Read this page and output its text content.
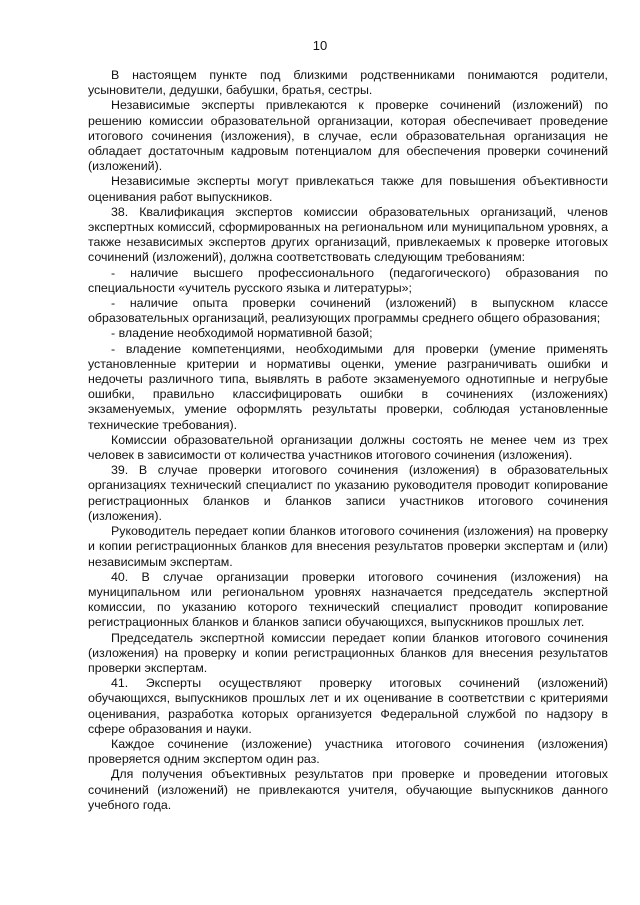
10

В настоящем пункте под близкими родственниками понимаются родители, усыновители, дедушки, бабушки, братья, сестры.

Независимые эксперты привлекаются к проверке сочинений (изложений) по решению комиссии образовательной организации, которая обеспечивает проведение итогового сочинения (изложения), в случае, если образовательная организация не обладает достаточным кадровым потенциалом для обеспечения проверки сочинений (изложений).

Независимые эксперты могут привлекаться также для повышения объективности оценивания работ выпускников.

38. Квалификация экспертов комиссии образовательных организаций, членов экспертных комиссий, сформированных на региональном или муниципальном уровнях, а также независимых экспертов других организаций, привлекаемых к проверке итоговых сочинений (изложений), должна соответствовать следующим требованиям:

- наличие высшего профессионального (педагогического) образования по специальности «учитель русского языка и литературы»;

- наличие опыта проверки сочинений (изложений) в выпускном классе образовательных организаций, реализующих программы среднего общего образования;

- владение необходимой нормативной базой;

- владение компетенциями, необходимыми для проверки (умение применять установленные критерии и нормативы оценки, умение разграничивать ошибки и недочеты различного типа, выявлять в работе экзаменуемого однотипные и негрубые ошибки, правильно классифицировать ошибки в сочинениях (изложениях) экзаменуемых, умение оформлять результаты проверки, соблюдая установленные технические требования).

Комиссии образовательной организации должны состоять не менее чем из трех человек в зависимости от количества участников итогового сочинения (изложения).

39. В случае проверки итогового сочинения (изложения) в образовательных организациях технический специалист по указанию руководителя проводит копирование регистрационных бланков и бланков записи участников итогового сочинения (изложения).

Руководитель передает копии бланков итогового сочинения (изложения) на проверку и копии регистрационных бланков для внесения результатов проверки экспертам и (или) независимым экспертам.

40. В случае организации проверки итогового сочинения (изложения) на муниципальном или региональном уровнях назначается председатель экспертной комиссии, по указанию которого технический специалист проводит копирование регистрационных бланков и бланков записи обучающихся, выпускников прошлых лет.

Председатель экспертной комиссии передает копии бланков итогового сочинения (изложения) на проверку и копии регистрационных бланков для внесения результатов проверки экспертам.

41. Эксперты осуществляют проверку итоговых сочинений (изложений) обучающихся, выпускников прошлых лет и их оценивание в соответствии с критериями оценивания, разработка которых организуется Федеральной службой по надзору в сфере образования и науки.

Каждое сочинение (изложение) участника итогового сочинения (изложения) проверяется одним экспертом один раз.

Для получения объективных результатов при проверке и проведении итоговых сочинений (изложений) не привлекаются учителя, обучающие выпускников данного учебного года.
